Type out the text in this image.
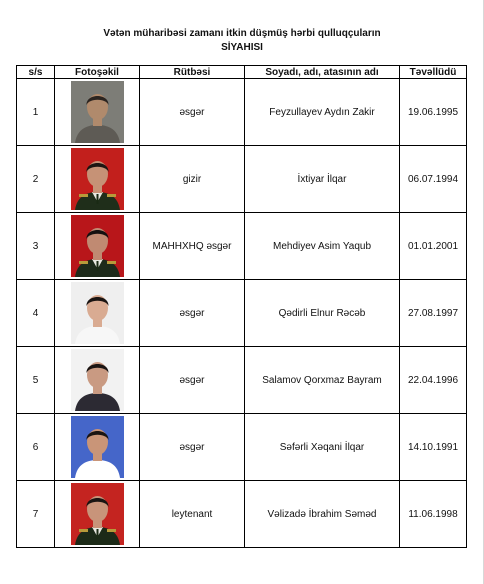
Vətən müharibəsi zamanı itkin düşmüş hərbi qulluqçuların
SİYAHISI
s/s	Fotoşəkil	Rütbəsi	Soyadı, adı, atasının adı	Təvəllüdü
1		əsgər	Feyzullayev Aydın Zakir	19.06.1995
2		gizir	İxtiyar İlqar	06.07.1994
3		MAHHXHQ əsgər	Mehdiyev Asim Yaqub	01.01.2001
4		əsgər	Qədirli Elnur Rəcəb	27.08.1997
5		əsgər	Salamov Qorxmaz Bayram	22.04.1996
6		əsgər	Səfərli Xəqani İlqar	14.10.1991
7		leytenant	Vəlizadə İbrahim Səməd	11.06.1998
